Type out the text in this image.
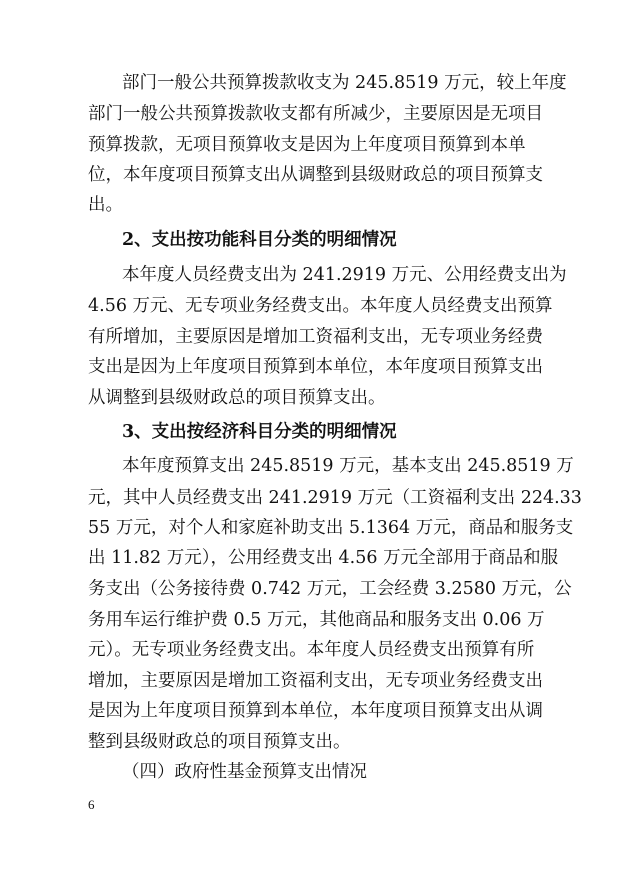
部门一般公共预算拨款收支为 245.8519 万元，较上年度

部门一般公共预算拨款收支都有所减少，主要原因是无项目

预算拨款，无项目预算收支是因为上年度项目预算到本单

位，本年度项目预算支出从调整到县级财政总的项目预算支

出。

2、支出按功能科目分类的明细情况

本年度人员经费支出为 241.2919 万元、公用经费支出为

4.56 万元、无专项业务经费支出。本年度人员经费支出预算

有所增加，主要原因是增加工资福利支出，无专项业务经费

支出是因为上年度项目预算到本单位，本年度项目预算支出

从调整到县级财政总的项目预算支出。

3、支出按经济科目分类的明细情况

本年度预算支出 245.8519 万元，基本支出 245.8519 万

元，其中人员经费支出 241.2919 万元（工资福利支出 224.33

55 万元，对个人和家庭补助支出 5.1364 万元，商品和服务支

出 11.82 万元），公用经费支出 4.56 万元全部用于商品和服

务支出（公务接待费 0.742 万元，工会经费 3.2580 万元，公

务用车运行维护费 0.5 万元，其他商品和服务支出 0.06 万

元）。无专项业务经费支出。本年度人员经费支出预算有所

增加，主要原因是增加工资福利支出，无专项业务经费支出

是因为上年度项目预算到本单位，本年度项目预算支出从调

整到县级财政总的项目预算支出。

（四）政府性基金预算支出情况

6
